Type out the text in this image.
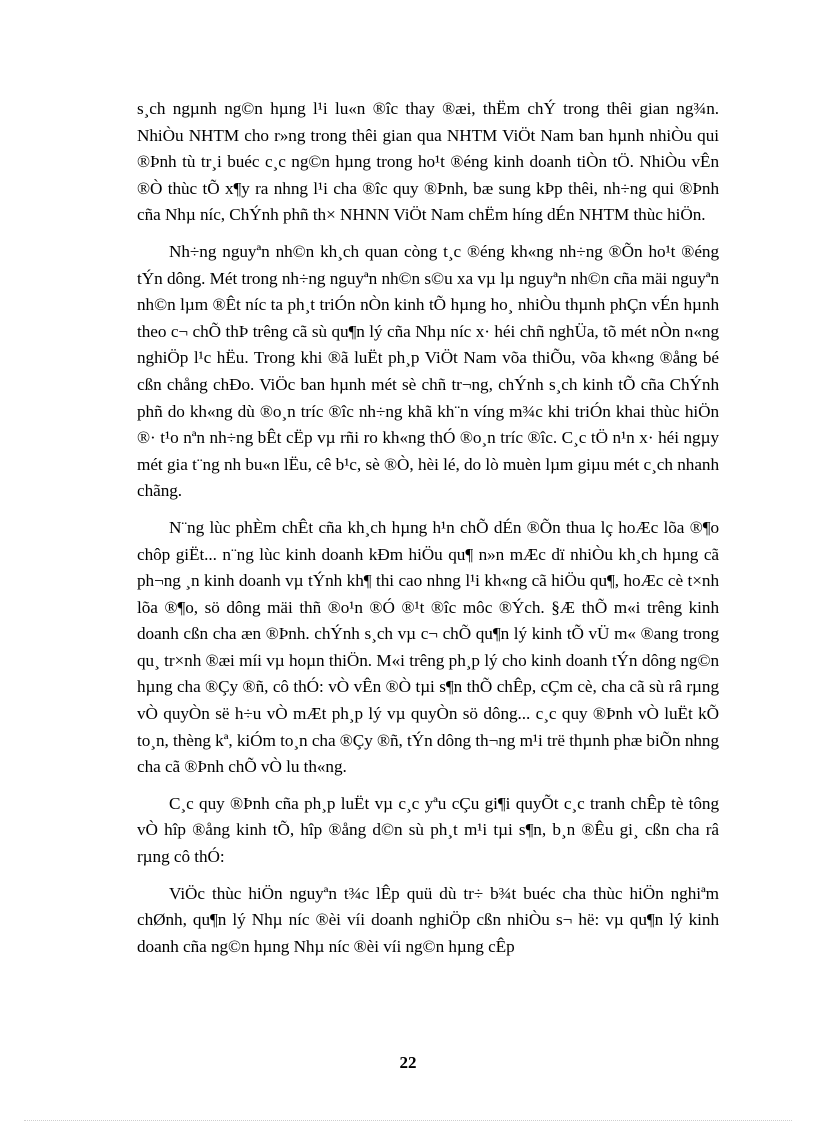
s¸ch ngµnh ng©n hµng l¹i lu«n ®îc thay ®æi, thËm chÝ trong thêi gian ng¾n. NhiÒu NHTM cho r»ng trong thêi gian qua NHTM ViÖt Nam ban hµnh nhiÒu qui ®Þnh tù tr¸i buéc c¸c ng©n hµng trong ho¹t ®éng kinh doanh tiÒn tÖ. NhiÒu vÊn ®Ò thùc tÕ x¶y ra nhng l¹i cha ®îc quy ®Þnh, bæ sung kÞp thêi, nh÷ng qui ®Þnh cña Nhµ níc, ChÝnh phñ th× NHNN ViÖt Nam chËm híng dÉn NHTM thùc hiÖn.

Nh÷ng nguyªn nh©n kh¸ch quan còng t¸c ®éng kh«ng nh÷ng ®Õn ho¹t ®éng tÝn dông. Mét trong nh÷ng nguyªn nh©n s©u xa vµ lµ nguyªn nh©n cña mäi nguyªn nh©n lµm ®Êt níc ta ph¸t triÓn nÒn kinh tÕ hµng ho¸ nhiÒu thµnh phÇn vÉn hµnh theo c¬ chÕ thÞ trêng cã sù qu¶n lý cña Nhµ níc x· héi chñ nghÜa, tõ mét nÒn n«ng nghiÖp l¹c hËu. Trong khi ®ã luËt ph¸p ViÖt Nam võa thiÕu, võa kh«ng ®ång bé cßn chång chÐo. ViÖc ban hµnh mét sè chñ tr¬ng, chÝnh s¸ch kinh tÕ cña ChÝnh phñ do kh«ng dù ®o¸n tríc ®îc nh÷ng khã kh¨n víng m¾c khi triÓn khai thùc hiÖn ®· t¹o nªn nh÷ng bÊt cËp vµ rñi ro kh«ng thÓ ®o¸n tríc ®îc. C¸c tÖ n¹n x· héi ngµy mét gia t¨ng nh bu«n lËu, cê b¹c, sè ®Ò, hèi lé, do lò muèn lµm giµu mét c¸ch nhanh chãng.

N¨ng lùc phÈm chÊt cña kh¸ch hµng h¹n chÕ dÉn ®Õn thua lç hoÆc lõa ®¶o chôp giËt... n¨ng lùc kinh doanh kÐm hiÖu qu¶ n»n mÆc dï nhiÒu kh¸ch hµng cã ph¬ng ¸n kinh doanh vµ tÝnh kh¶ thi cao nhng l¹i kh«ng cã hiÖu qu¶, hoÆc cè t×nh lõa ®¶o, sö dông mäi thñ ®o¹n ®Ó ®¹t ®îc môc ®Ých. §Æ thÕ m«i trêng kinh doanh cßn cha æn ®Þnh. chÝnh s¸ch vµ c¬ chÕ qu¶n lý kinh tÕ vÜ m« ®ang trong qu¸ tr×nh ®æi míi vµ hoµn thiÖn. M«i trêng ph¸p lý cho kinh doanh tÝn dông ng©n hµng cha ®Çy ®ñ, cô thÓ: vÒ vÊn ®Ò tµi s¶n thÕ chÊp, cÇm cè, cha cã sù râ rµng vÒ quyÒn së h÷u vÒ mÆt ph¸p lý vµ quyÒn sö dông... c¸c quy ®Þnh vÒ luËt kÕ to¸n, thèng kª, kiÓm to¸n cha ®Çy ®ñ, tÝn dông th¬ng m¹i trë thµnh phæ biÕn nhng cha cã ®Þnh chÕ vÒ lu th«ng.

C¸c quy ®Þnh cña ph¸p luËt vµ c¸c yªu cÇu gi¶i quyÕt c¸c tranh chÊp tè tông vÒ hîp ®ång kinh tÕ, hîp ®ång d©n sù ph¸t m¹i tµi s¶n, b¸n ®Êu gi¸ cßn cha râ rµng cô thÓ:

ViÖc thùc hiÖn nguyªn t¾c lÊp quü dù tr÷ b¾t buéc cha thùc hiÖn nghiªm chØnh, qu¶n lý Nhµ níc ®èi víi doanh nghiÖp cßn nhiÒu s¬ hë: vµ qu¶n lý kinh doanh cña ng©n hµng Nhµ níc ®èi víi ng©n hµng cÊp

22
